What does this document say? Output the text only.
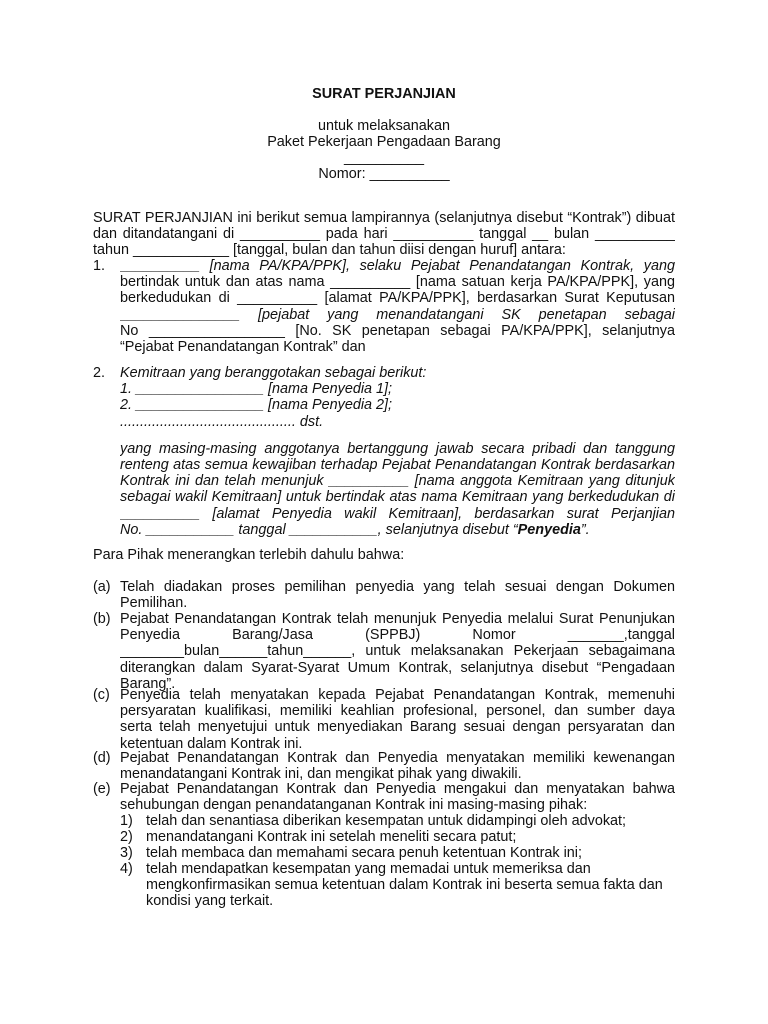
SURAT PERJANJIAN
untuk melaksanakan
Paket Pekerjaan Pengadaan Barang
__________
Nomor: __________
SURAT PERJANJIAN ini berikut semua lampirannya (selanjutnya disebut “Kontrak”) dibuat
dan ditandatangani di __________ pada hari __________ tanggal __ bulan __________
tahun ____________ [tanggal, bulan dan tahun diisi dengan huruf] antara:
1. __________ [nama PA/KPA/PPK], selaku Pejabat Penandatangan Kontrak, yang
bertindak untuk dan atas nama __________ [nama satuan kerja PA/KPA/PPK], yang
berkedudukan di __________ [alamat PA/KPA/PPK], berdasarkan Surat Keputusan
_______________ [pejabat yang menandatangani SK penetapan sebagai
No _________________ [No. SK penetapan sebagai PA/KPA/PPK], selanjutnya
“Pejabat Penandatangan Kontrak” dan
2. Kemitraan yang beranggotakan sebagai berikut:
1. ________________ [nama Penyedia 1];
2. ________________ [nama Penyedia 2];
............................................ dst.
yang masing-masing anggotanya bertanggung jawab secara pribadi dan tanggung
renteng atas semua kewajiban terhadap Pejabat Penandatangan Kontrak berdasarkan
Kontrak ini dan telah menunjuk __________ [nama anggota Kemitraan yang ditunjuk
sebagai wakil Kemitraan] untuk bertindak atas nama Kemitraan yang berkedudukan di
__________ [alamat Penyedia wakil Kemitraan], berdasarkan surat Perjanjian
No. ___________ tanggal ___________, selanjutnya disebut “Penyedia”.
Para Pihak menerangkan terlebih dahulu bahwa:
(a) Telah diadakan proses pemilihan penyedia yang telah sesuai dengan Dokumen
Pemilihan.
(b) Pejabat Penandatangan Kontrak telah menunjuk Penyedia melalui Surat Penunjukan
Penyedia Barang/Jasa (SPPBJ) Nomor _______,tanggal
________bulan______tahun______, untuk melaksanakan Pekerjaan sebagaimana
diterangkan dalam Syarat-Syarat Umum Kontrak, selanjutnya disebut “Pengadaan
Barang”.
(c) Penyedia telah menyatakan kepada Pejabat Penandatangan Kontrak, memenuhi
persyaratan kualifikasi, memiliki keahlian profesional, personel, dan sumber daya
serta telah menyetujui untuk menyediakan Barang sesuai dengan persyaratan dan
ketentuan dalam Kontrak ini.
(d) Pejabat Penandatangan Kontrak dan Penyedia menyatakan memiliki kewenangan
menandatangani Kontrak ini, dan mengikat pihak yang diwakili.
(e) Pejabat Penandatangan Kontrak dan Penyedia mengakui dan menyatakan bahwa
sehubungan dengan penandatanganan Kontrak ini masing-masing pihak:
1) telah dan senantiasa diberikan kesempatan untuk didampingi oleh advokat;
2) menandatangani Kontrak ini setelah meneliti secara patut;
3) telah membaca dan memahami secara penuh ketentuan Kontrak ini;
4) telah mendapatkan kesempatan yang memadai untuk memeriksa dan
mengkonfirmasikan semua ketentuan dalam Kontrak ini beserta semua fakta dan
kondisi yang terkait.
